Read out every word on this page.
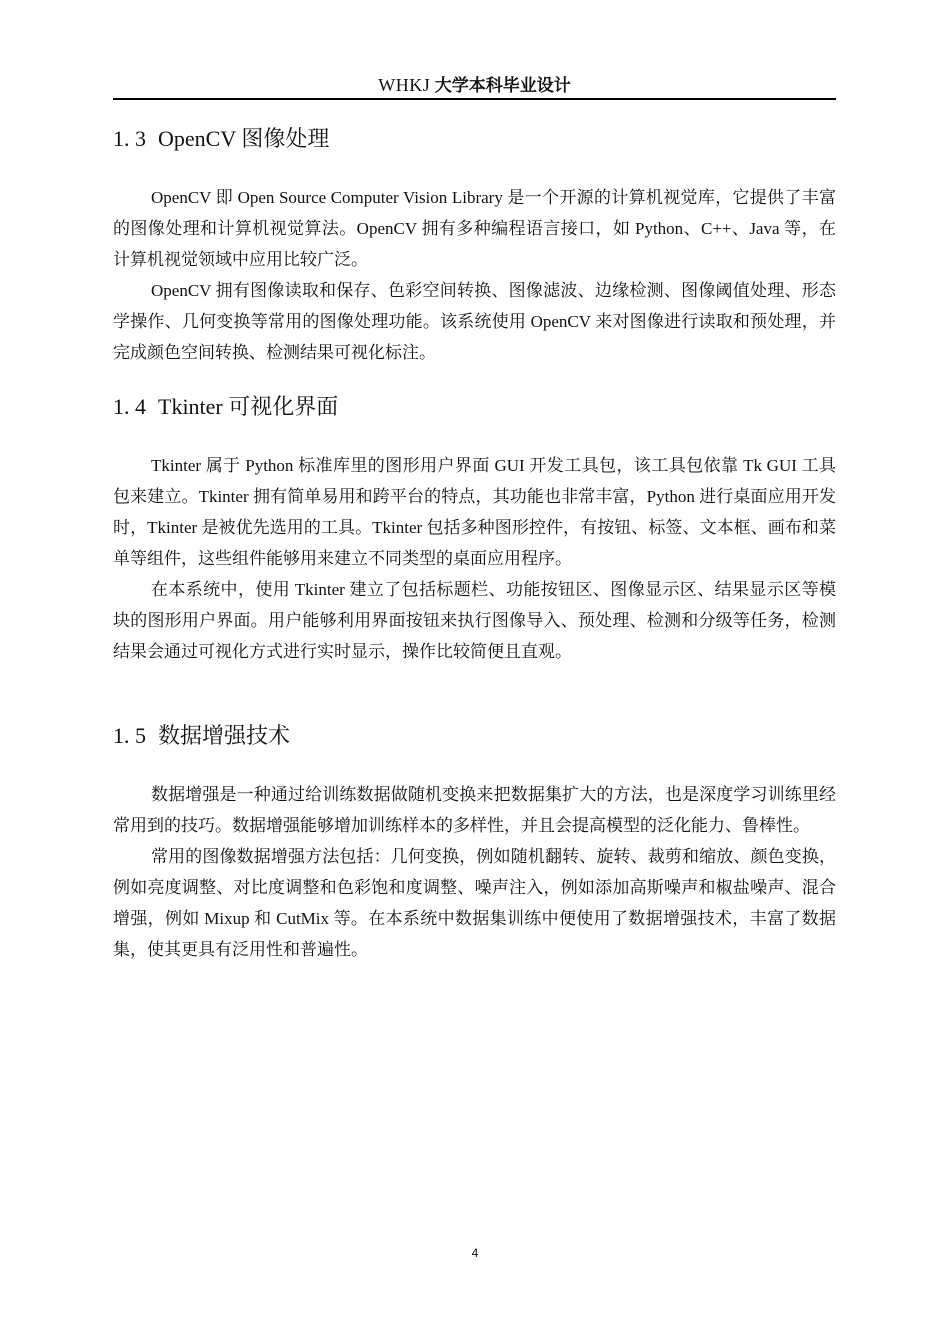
WHKJ 大学本科毕业设计
1. 3 OpenCV 图像处理

OpenCV 即 Open Source Computer Vision Library 是一个开源的计算机视觉库，它提供了丰富的图像处理和计算机视觉算法。OpenCV 拥有多种编程语言接口，如 Python、C++、Java 等，在计算机视觉领域中应用比较广泛。

OpenCV 拥有图像读取和保存、色彩空间转换、图像滤波、边缘检测、图像阈值处理、形态学操作、几何变换等常用的图像处理功能。该系统使用 OpenCV 来对图像进行读取和预处理，并完成颜色空间转换、检测结果可视化标注。

1. 4 Tkinter 可视化界面

Tkinter 属于 Python 标准库里的图形用户界面 GUI 开发工具包，该工具包依靠 Tk GUI 工具包来建立。Tkinter 拥有简单易用和跨平台的特点，其功能也非常丰富，Python 进行桌面应用开发时，Tkinter 是被优先选用的工具。Tkinter 包括多种图形控件，有按钮、标签、文本框、画布和菜单等组件，这些组件能够用来建立不同类型的桌面应用程序。

在本系统中，使用 Tkinter 建立了包括标题栏、功能按钮区、图像显示区、结果显示区等模块的图形用户界面。用户能够利用界面按钮来执行图像导入、预处理、检测和分级等任务，检测结果会通过可视化方式进行实时显示，操作比较简便且直观。

1. 5 数据增强技术

数据增强是一种通过给训练数据做随机变换来把数据集扩大的方法，也是深度学习训练里经常用到的技巧。数据增强能够增加训练样本的多样性，并且会提高模型的泛化能力、鲁棒性。

常用的图像数据增强方法包括：几何变换，例如随机翻转、旋转、裁剪和缩放、颜色变换，例如亮度调整、对比度调整和色彩饱和度调整、噪声注入，例如添加高斯噪声和椒盐噪声、混合增强，例如 Mixup 和 CutMix 等。在本系统中数据集训练中便使用了数据增强技术，丰富了数据集，使其更具有泛用性和普遍性。

4
